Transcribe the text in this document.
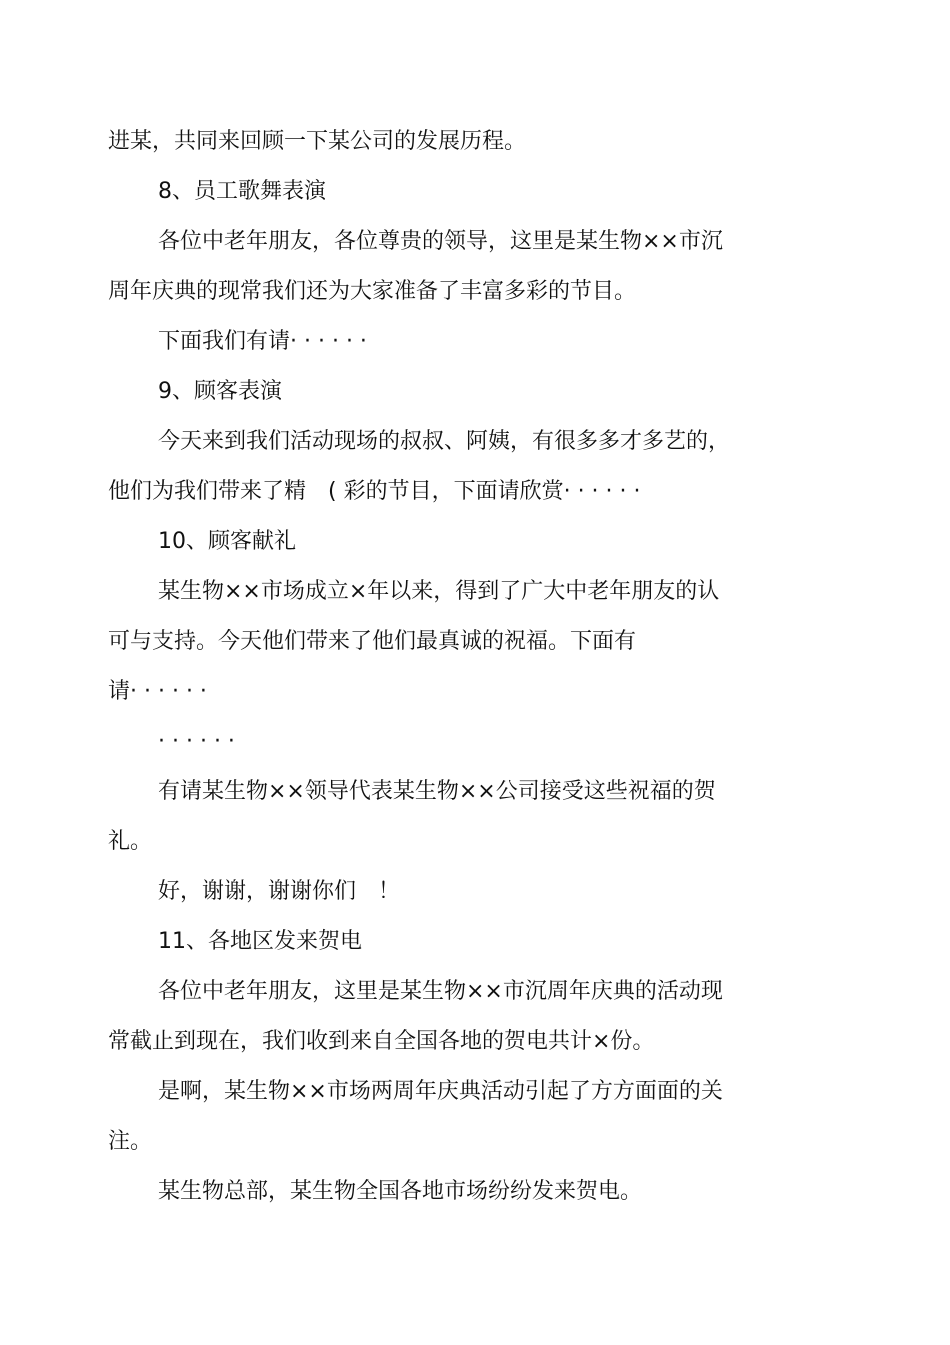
进某，共同来回顾一下某公司的发展历程。
8、员工歌舞表演
各位中老年朋友，各位尊贵的领导，这里是某生物××市沉
周年庆典的现常我们还为大家准备了丰富多彩的节目。
下面我们有请· · · · · ·
9、顾客表演
今天来到我们活动现场的叔叔、阿姨，有很多多才多艺的，
他们为我们带来了精　( 彩的节目，下面请欣赏· · · · · ·
10、顾客献礼
某生物××市场成立×年以来，得到了广大中老年朋友的认
可与支持。今天他们带来了他们最真诚的祝福。下面有
请· · · · · ·
· · · · · ·
有请某生物××领导代表某生物××公司接受这些祝福的贺
礼。
好，谢谢，谢谢你们　！
11、各地区发来贺电
各位中老年朋友，这里是某生物××市沉周年庆典的活动现
常截止到现在，我们收到来自全国各地的贺电共计×份。
是啊，某生物××市场两周年庆典活动引起了方方面面的关
注。
某生物总部，某生物全国各地市场纷纷发来贺电。
